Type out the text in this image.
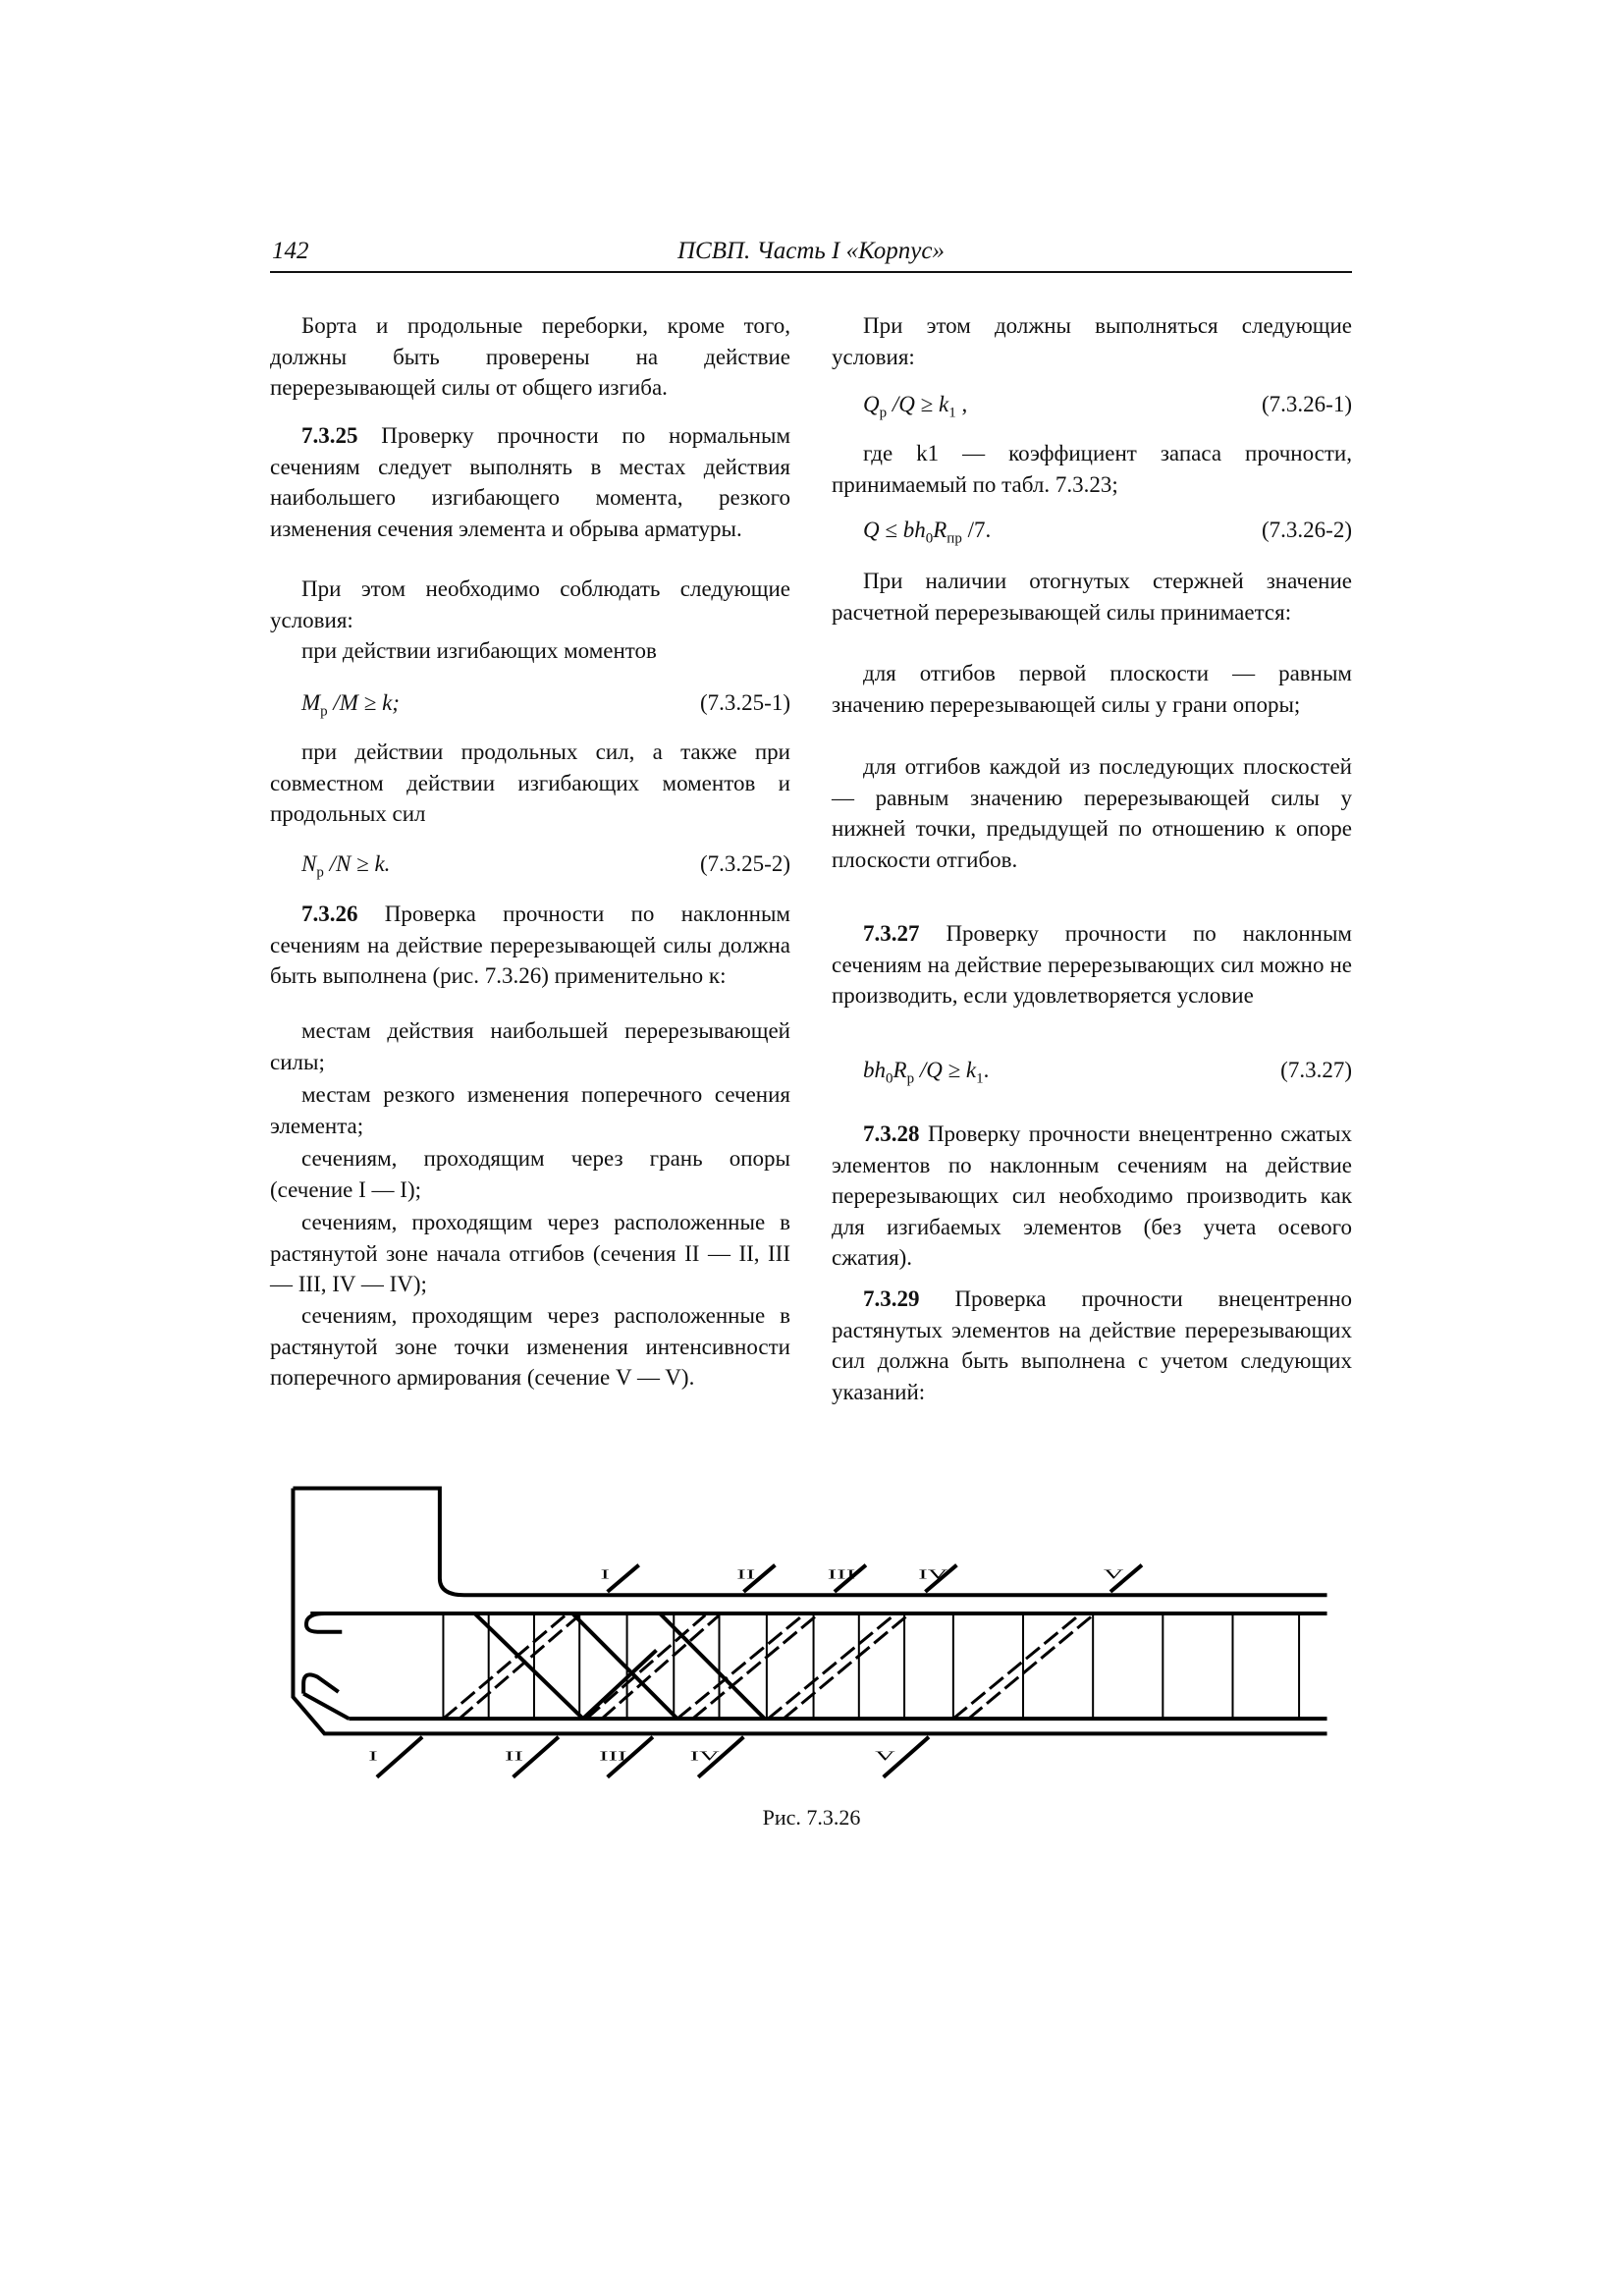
142	ПСВП. Часть I «Корпус»

Борта и продольные переборки, кроме того, должны быть проверены на действие перерезывающей силы от общего изгиба.

7.3.25 Проверку прочности по нормальным сечениям следует выполнять в местах действия наибольшего изгибающего момента, резкого изменения сечения элемента и обрыва арматуры.

При этом необходимо соблюдать следующие условия:

при действии изгибающих моментов

$M_p$ /M ≥ k;	(7.3.25-1)

при действии продольных сил, а также при совместном действии изгибающих моментов и продольных сил

$N_p$ /N ≥ k.	(7.3.25-2)

7.3.26 Проверка прочности по наклонным сечениям на действие перерезывающей силы должна быть выполнена (рис. 7.3.26) применительно к:

местам действия наибольшей перерезывающей силы;

местам резкого изменения поперечного сечения элемента;

сечениям, проходящим через грань опоры (сечение I — I);

сечениям, проходящим через расположенные в растянутой зоне начала отгибов (сечения II — II, III — III, IV — IV);

сечениям, проходящим через расположенные в растянутой зоне точки изменения интенсивности поперечного армирования (сечение V — V).

При этом должны выполняться следующие условия:

$Q_p$ $/Q \ge k_1$ ,	(7.3.26-1)

где k1 — коэффициент запаса прочности, принимаемый по табл. 7.3.23;

$Q \le bh_0R_{пр}$ /7.	(7.3.26-2)

При наличии отогнутых стержней значение расчетной перерезывающей силы принимается:

для отгибов первой плоскости — равным значению перерезывающей силы у грани опоры;

для отгибов каждой из последующих плоскостей — равным значению перерезывающей силы у нижней точки, предыдущей по отношению к опоре плоскости отгибов.

7.3.27 Проверку прочности по наклонным сечениям на действие перерезывающих сил можно не производить, если удовлетворяется условие

$bh_0R_p$ $/Q \ge k_1$.	(7.3.27)

7.3.28 Проверку прочности внецентренно сжатых элементов по наклонным сечениям на действие перерезывающих сил необходимо производить как для изгибаемых элементов (без учета осевого сжатия).

7.3.29 Проверка прочности внецентренно растянутых элементов на действие перерезывающих сил должна быть выполнена с учетом следующих указаний:

I	II III IV	V
I	II III IV	V
Рис. 7.3.26
